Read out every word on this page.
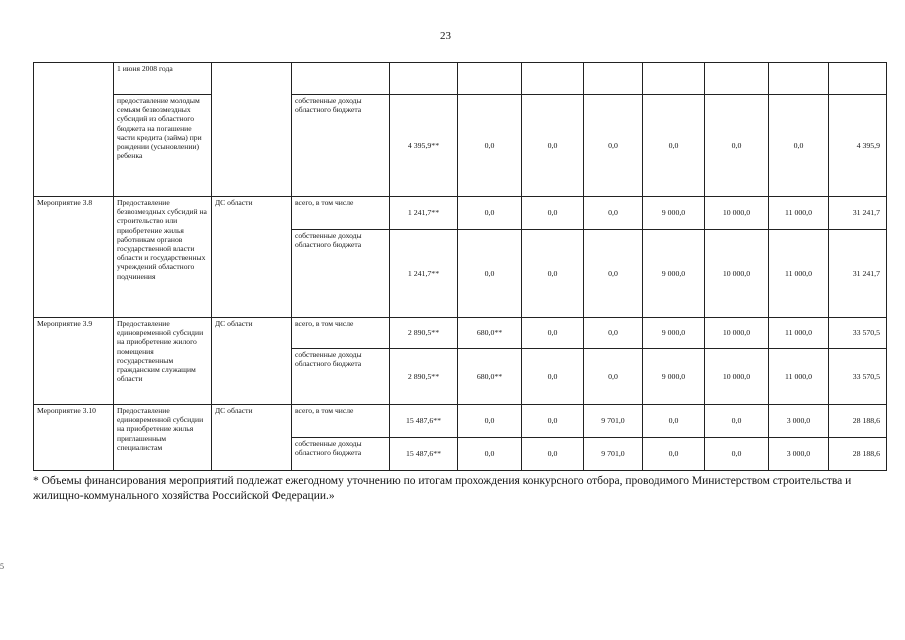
23
	1 июня 2008 года										
	предоставление молодым семьям безвозмездных субсидий из областного бюджета на погашение части кредита (займа) при рождении (усыновлении) ребенка		собственные доходы областного бюджета	4 395,9**	0,0	0,0	0,0	0,0	0,0	0,0	4 395,9
Мероприятие 3.8	Предоставление безвозмездных субсидий на строительство или приобретение жилья работникам органов государственной власти области и государственных учреждений областного подчинения	ДС области	всего, в том числе	1 241,7**	0,0	0,0	0,0	9 000,0	10 000,0	11 000,0	31 241,7
			собственные доходы областного бюджета	1 241,7**	0,0	0,0	0,0	9 000,0	10 000,0	11 000,0	31 241,7
Мероприятие 3.9	Предоставление единовременной субсидии на приобретение жилого помещения государственным гражданским служащим области	ДС области	всего, в том числе	2 890,5**	680,0**	0,0	0,0	9 000,0	10 000,0	11 000,0	33 570,5
			собственные доходы областного бюджета	2 890,5**	680,0**	0,0	0,0	9 000,0	10 000,0	11 000,0	33 570,5
Мероприятие 3.10	Предоставление единовременной субсидии на приобретение жилья приглашенным специалистам	ДС области	всего, в том числе	15 487,6**	0,0	0,0	9 701,0	0,0	0,0	3 000,0	28 188,6
			собственные доходы областного бюджета	15 487,6**	0,0	0,0	9 701,0	0,0	0,0	3 000,0	28 188,6
* Объемы финансирования мероприятий подлежат ежегодному уточнению по итогам прохождения конкурсного отбора, проводимого Министерством строительства и жилищно-коммунального хозяйства Российской Федерации.»
5
